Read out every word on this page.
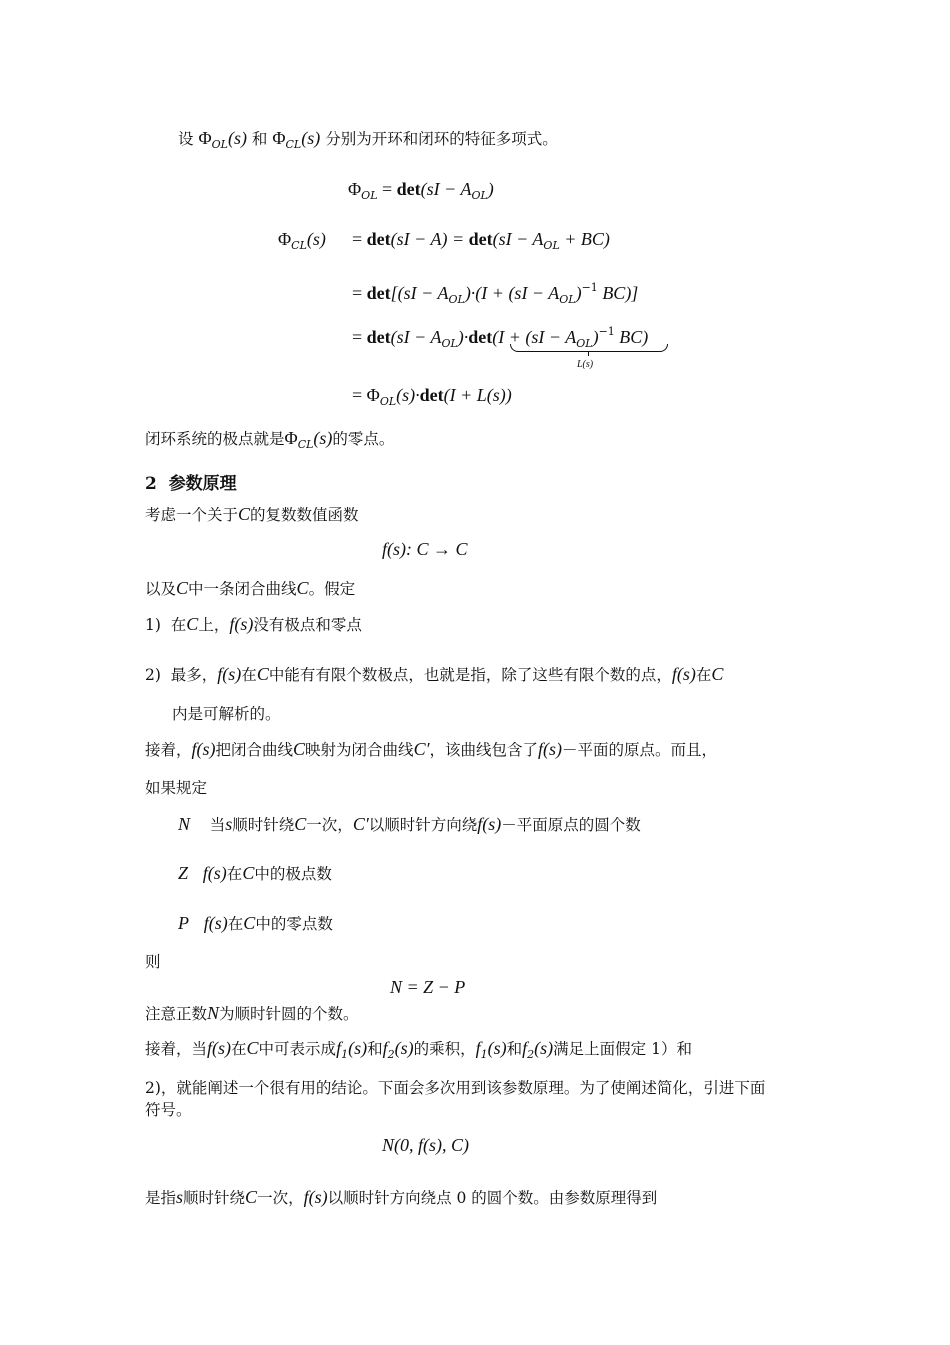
设 $\Phi_{OL}(s)$ 和 $\Phi_{CL}(s)$ 分别为开环和闭环的特征多项式。
$\Phi_{OL} = \det(sI - A_{OL})$
$\Phi_{CL}(s) = \det(sI - A) = \det(sI - A_{OL} + BC)$
= $\det[(sI - A_{OL})\cdot(I + (sI - A_{OL})^{-1}$ BC)]
= $\det(sI - A_{OL})\cdot\det(I + (sI - A_{OL})^{-1}$ BC)
L(s)
= $\Phi_{OL}(s)\cdot\det(I + L(s))$
闭环系统的极点就是$\Phi_{CL}(s)$的零点。
2 参数原理
考虑一个关于C的复数数值函数
f(s): C → C
以及C中一条闭合曲线C。假定
1) 在C上，f(s)没有极点和零点
2) 最多，f(s)在C中能有有限个数极点，也就是指，除了这些有限个数的点，f(s)在C
内是可解析的。
接着，f(s)把闭合曲线C映射为闭合曲线C′，该曲线包含了f(s)－平面的原点。而且，
如果规定
N 当s顺时针绕C一次，C′以顺时针方向绕f(s)－平面原点的圆个数
Z f(s)在C中的极点数
P f(s)在C中的零点数
则
N = Z − P
注意正数N为顺时针圆的个数。
接着，当f(s)在C中可表示成$f_1(s)$和$f_2(s)$的乘积，$f_1(s)$和$f_2(s)$满足上面假定 1）和
2)，就能阐述一个很有用的结论。下面会多次用到该参数原理。为了使阐述简化，引进下面
符号。
N(0, f(s), C)
是指s顺时针绕C一次，f(s)以顺时针方向绕点 0 的圆个数。由参数原理得到
